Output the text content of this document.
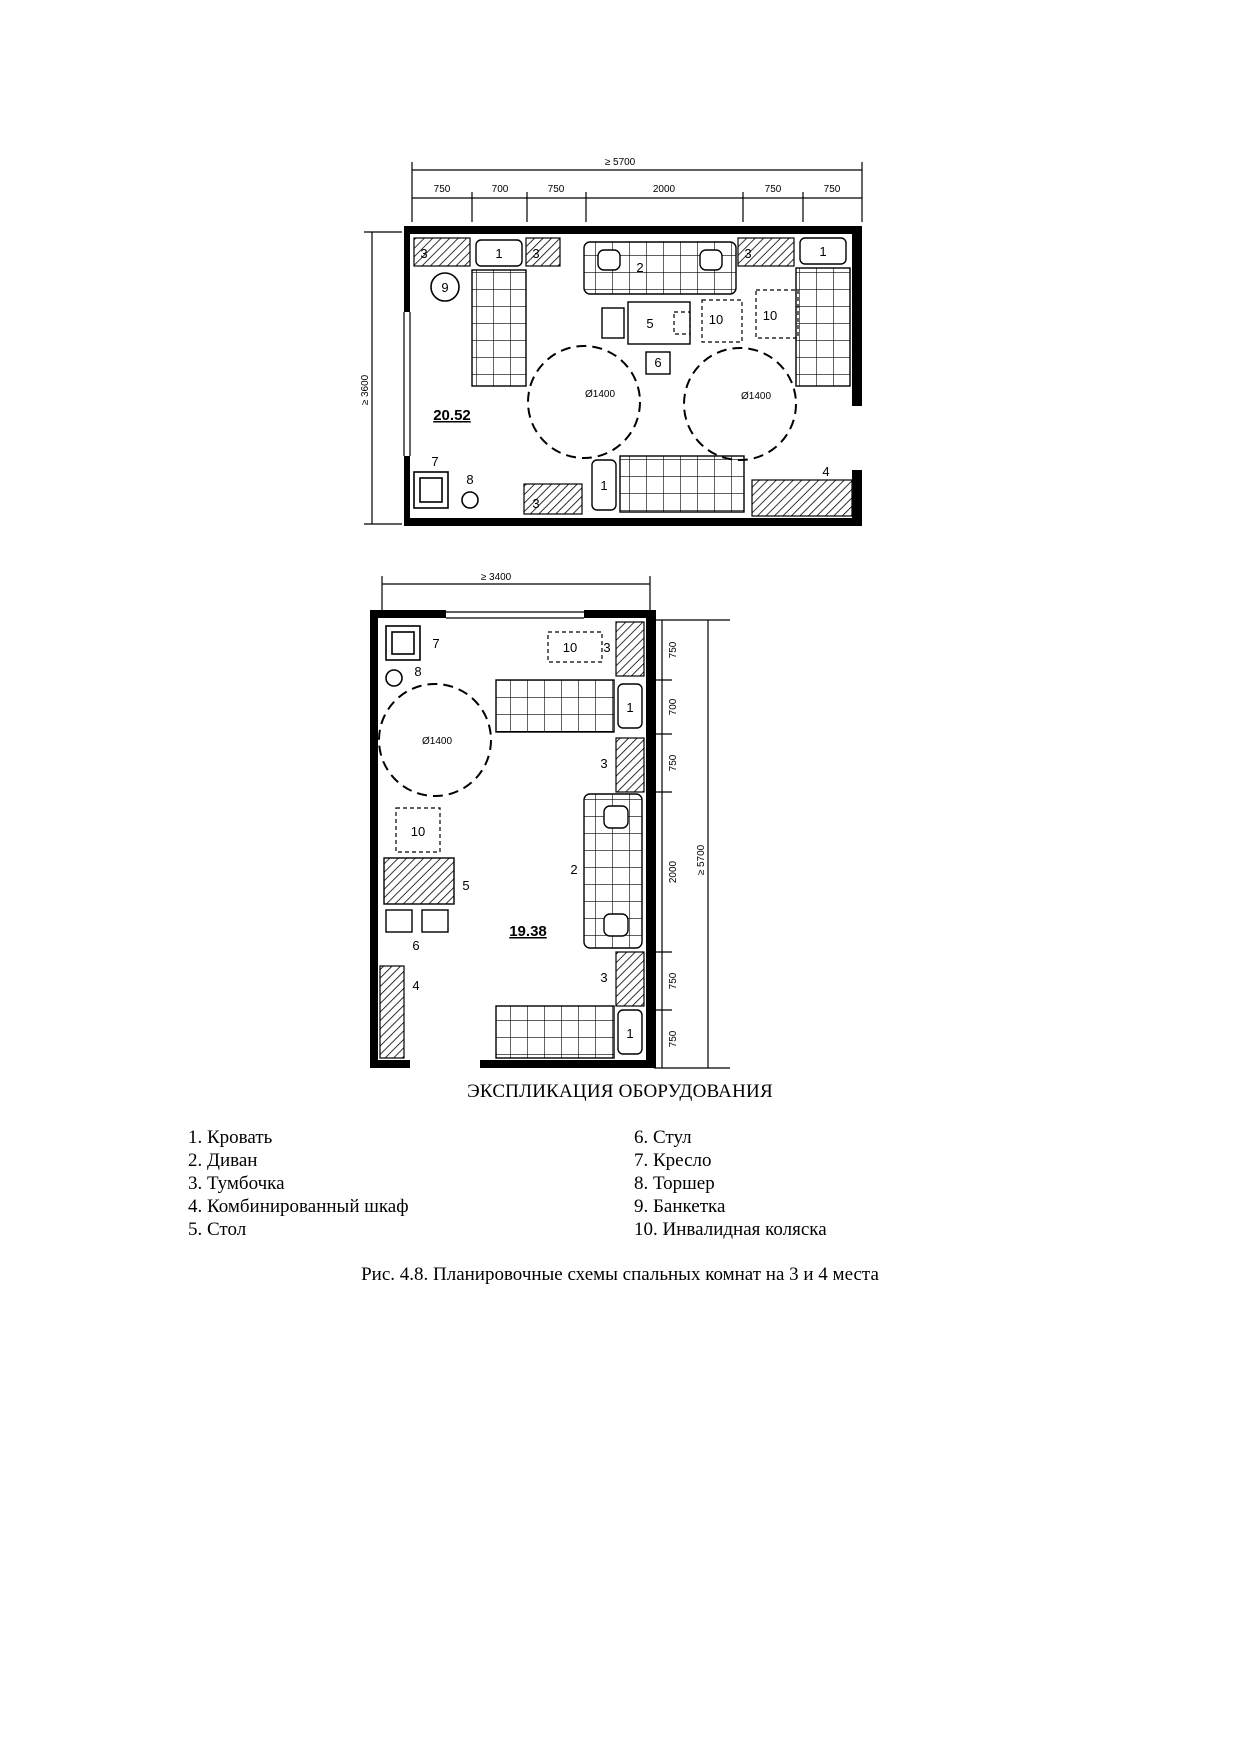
≥ 5700
750	700	750	2000	750	750
≥ 3600
3	3	3
3
4
1	1
1
2
5
6
10	10
Ø1400	Ø1400
9
7
8
20.52
≥ 3400
≥ 5700
750
700
750
2000
750
750
3
3
3
4
1
1
2
5
6
10
10
Ø1400
7
8
19.38
ЭКСПЛИКАЦИЯ ОБОРУДОВАНИЯ
1. Кровать
2. Диван
3. Тумбочка
4. Комбинированный шкаф
5. Стол
6. Стул
7. Кресло
8. Торшер
9. Банкетка
10. Инвалидная коляска
Рис. 4.8. Планировочные схемы спальных комнат на 3 и 4 места
